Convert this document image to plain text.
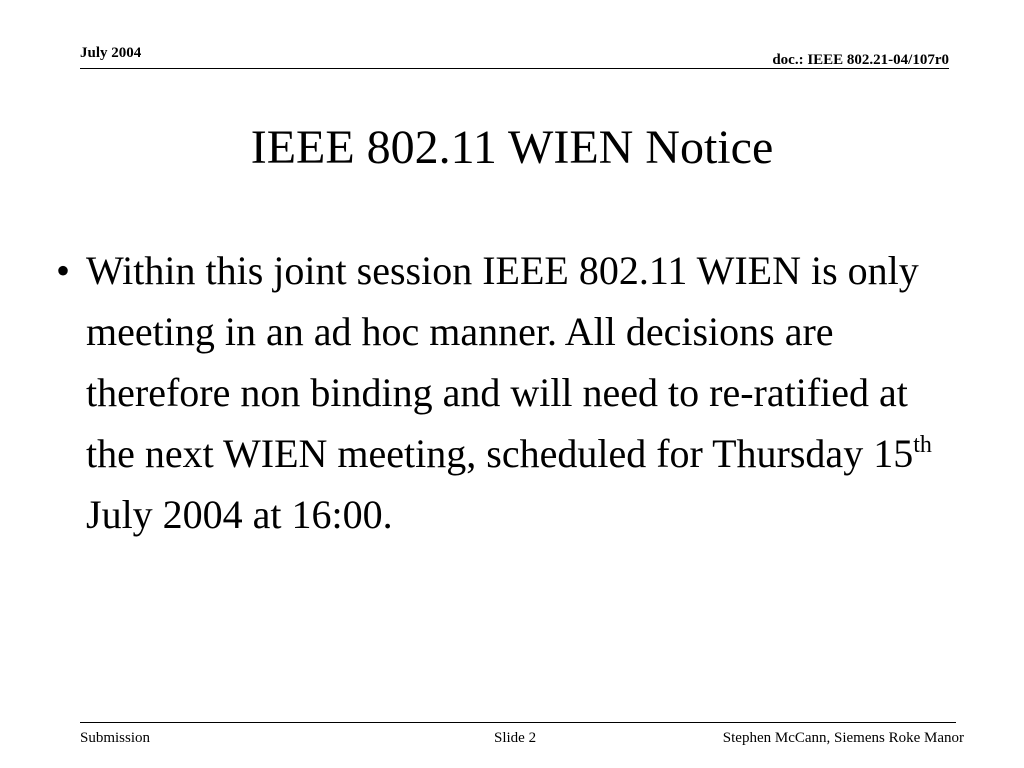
July 2004	doc.: IEEE 802.21-04/107r0
IEEE 802.11 WIEN Notice
• Within this joint session IEEE 802.11 WIEN is only meeting in an ad hoc manner. All decisions are therefore non binding and will need to re-ratified at the next WIEN meeting, scheduled for Thursday 15th July 2004 at 16:00.
Submission	Slide 2	Stephen McCann, Siemens Roke Manor
